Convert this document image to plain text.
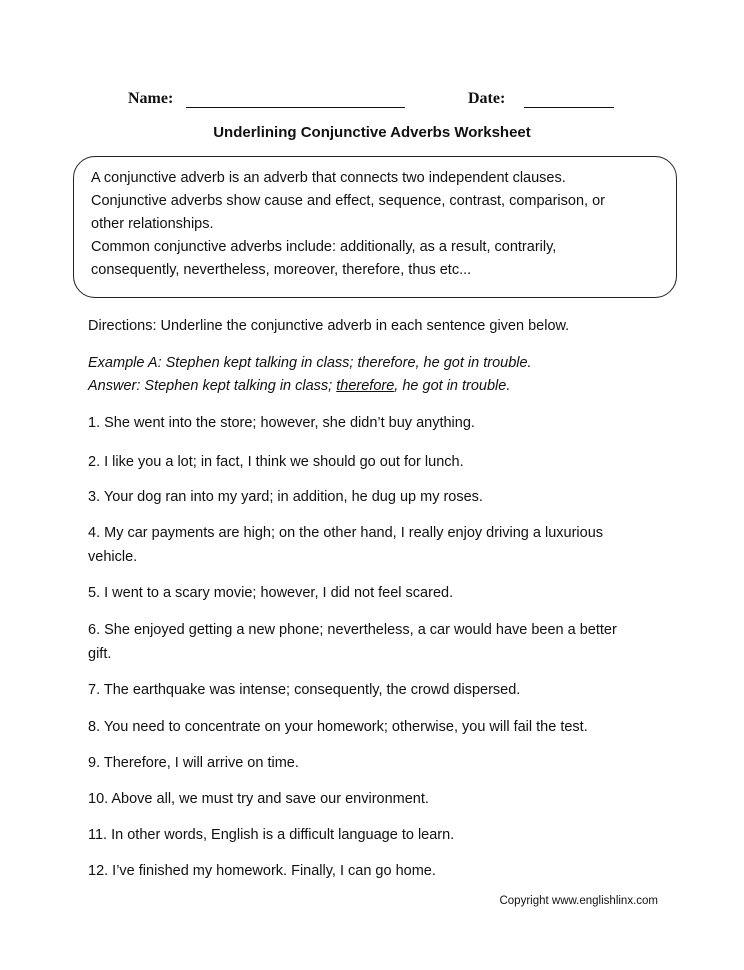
Name:	Date:
Underlining Conjunctive Adverbs Worksheet
A conjunctive adverb is an adverb that connects two independent clauses.
Conjunctive adverbs show cause and effect, sequence, contrast, comparison, or
other relationships.
Common conjunctive adverbs include: additionally, as a result, contrarily,
consequently, nevertheless, moreover, therefore, thus etc...
Directions: Underline the conjunctive adverb in each sentence given below.
Example A: Stephen kept talking in class; therefore, he got in trouble.
Answer: Stephen kept talking in class; therefore, he got in trouble.
1. She went into the store; however, she didn’t buy anything.
2. I like you a lot; in fact, I think we should go out for lunch.
3. Your dog ran into my yard; in addition, he dug up my roses.
4. My car payments are high; on the other hand, I really enjoy driving a luxurious
vehicle.
5. I went to a scary movie; however, I did not feel scared.
6. She enjoyed getting a new phone; nevertheless, a car would have been a better
gift.
7. The earthquake was intense; consequently, the crowd dispersed.
8. You need to concentrate on your homework; otherwise, you will fail the test.
9. Therefore, I will arrive on time.
10. Above all, we must try and save our environment.
11. In other words, English is a difficult language to learn.
12. I’ve finished my homework. Finally, I can go home.
Copyright www.englishlinx.com
